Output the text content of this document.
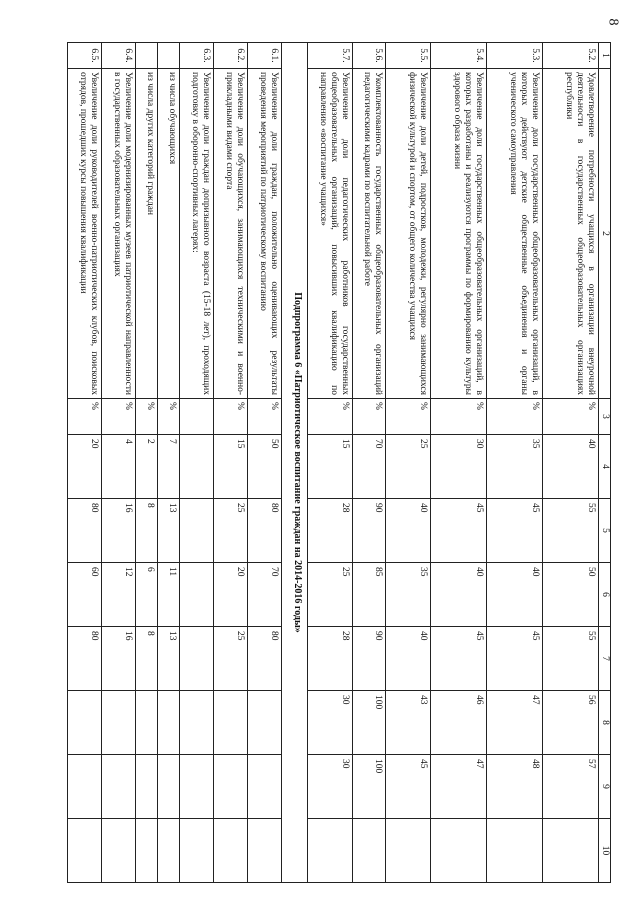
8
1	2	3	4	5	6	7	8	9	10
5.2.	Удовлетворение потребности учащихся в организации внеурочной деятельности в государственных общеобразовательных организациях республики	%	40	55	50	55	56	57	
5.3.	Увеличение доли государственных общеобразовательных организаций, в которых действуют детские общественные объединения и органы ученического самоуправления	%	35	45	40	45	47	48	
5.4.	Увеличение доли государственных общеобразовательных организаций, в которых разработаны и реализуются программы по формированию культуры здорового образа жизни	%	30	45	40	45	46	47	
5.5.	Увеличение доли детей, подростков, молодежи, регулярно занимающихся физической культурой и спортом, от общего количества учащихся	%	25	40	35	40	43	45	
5.6.	Укомплектованность государственных общеобразовательных организаций педагогическими кадрами по воспитательной работе	%	70	90	85	90	100	100	
5.7.	Увеличение доли педагогических работников государственных общеобразовательных организаций, повысивших квалификацию по направлению «воспитание учащихся»	%	15	28	25	28	30	30	
Подпрограмма 6 «Патриотическое воспитание граждан на 2014-2016 годы»									
6.1.	Увеличение доли граждан, положительно оценивающих результаты проведения мероприятий по патриотическому воспитанию	%	50	80	70	80			
6.2.	Увеличение доли обучающихся, занимающихся техническими и военно-прикладными видами спорта	%	15	25	20	25			
6.3.	Увеличение доли граждан допризывного возраста (15-18 лет), проходящих подготовку в оборонно-спортивных лагерях:								
	из числа обучающихся	%	7	13	11	13			
	из числа других категорий граждан	%	2	8	6	8			
6.4.	Увеличение доли модернизированных музеев патриотической направленности в государственных образовательных организациях	%	4	16	12	16			
6.5.	Увеличение доли руководителей военно-патриотических клубов, поисковых отрядов, прошедших курсы повышения квалификации	%	20	80	60	80			
